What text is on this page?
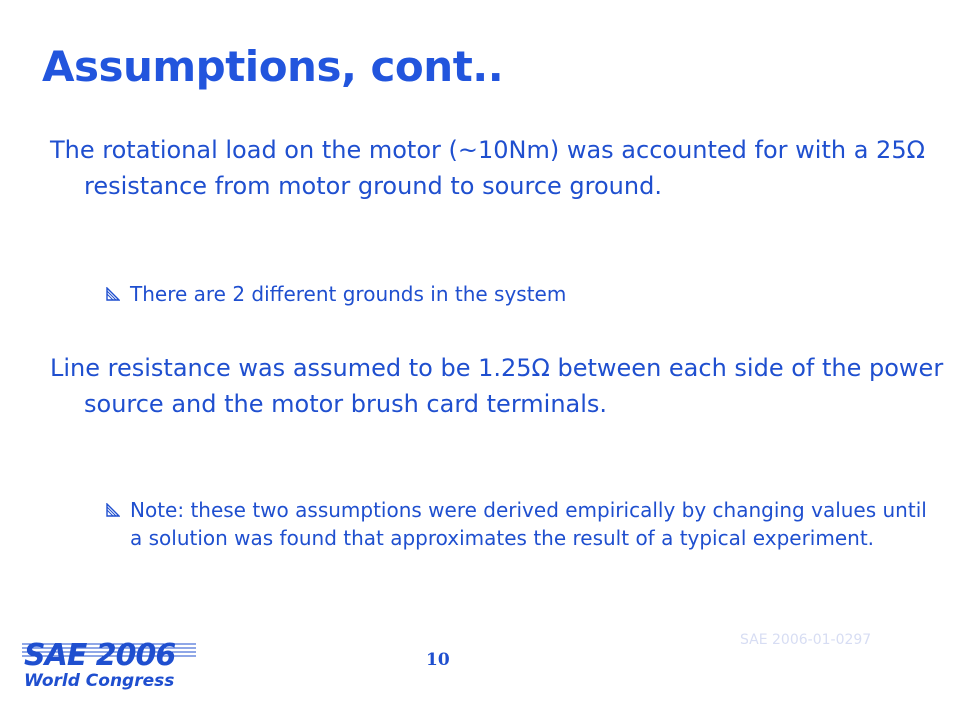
Assumptions, cont..

The rotational load on the motor (~10Nm) was accounted for with a 25Ω resistance from motor ground to source ground.

There are 2 different grounds in the system

Line resistance was assumed to be 1.25Ω between each side of the power source and the motor brush card terminals.

Note: these two assumptions were derived empirically by changing values until a solution was found that approximates the result of a typical experiment.

SAE 2006-01-0297
10
SAE 2006
World Congress
